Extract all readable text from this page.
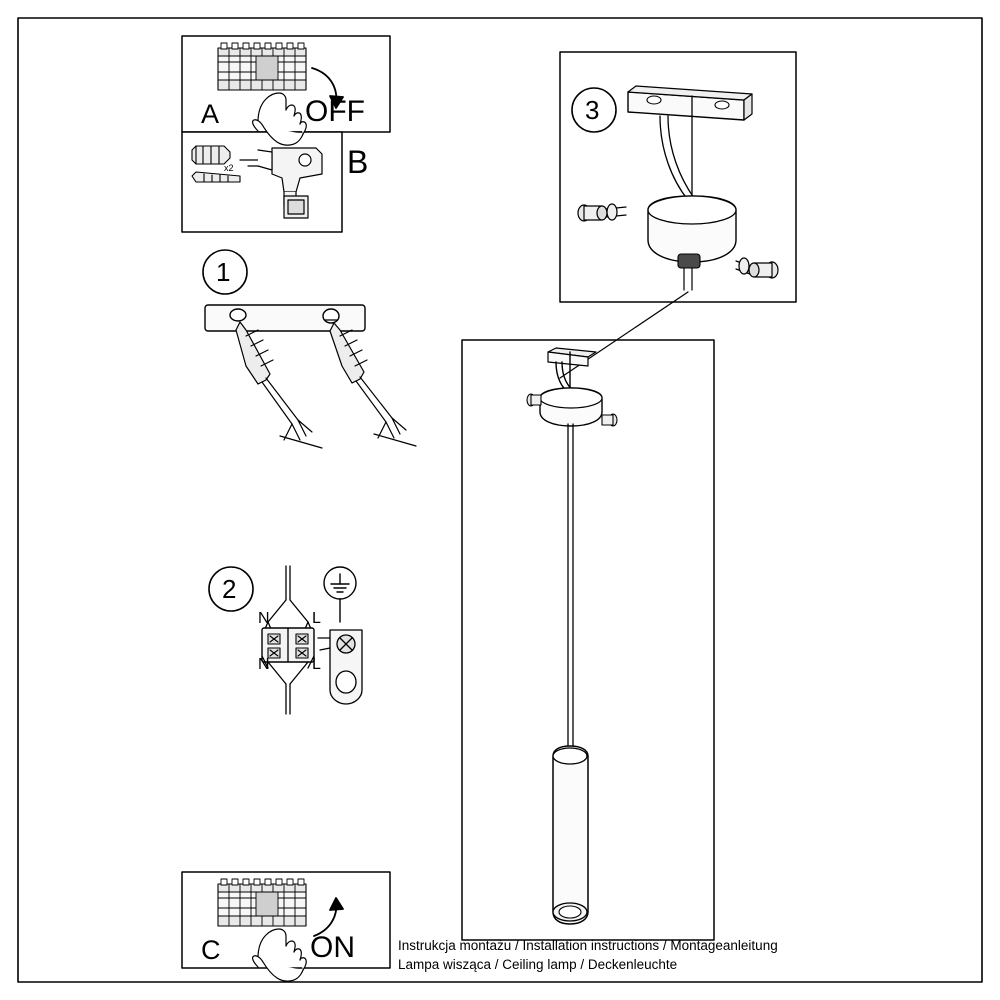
A	OFF
B
x2
1
2
N	L
N	L
3
C	ON	Instrukcja montażu / Installation instructions / Montageanleitung
Lampa wisząca / Ceiling lamp / Deckenleuchte
